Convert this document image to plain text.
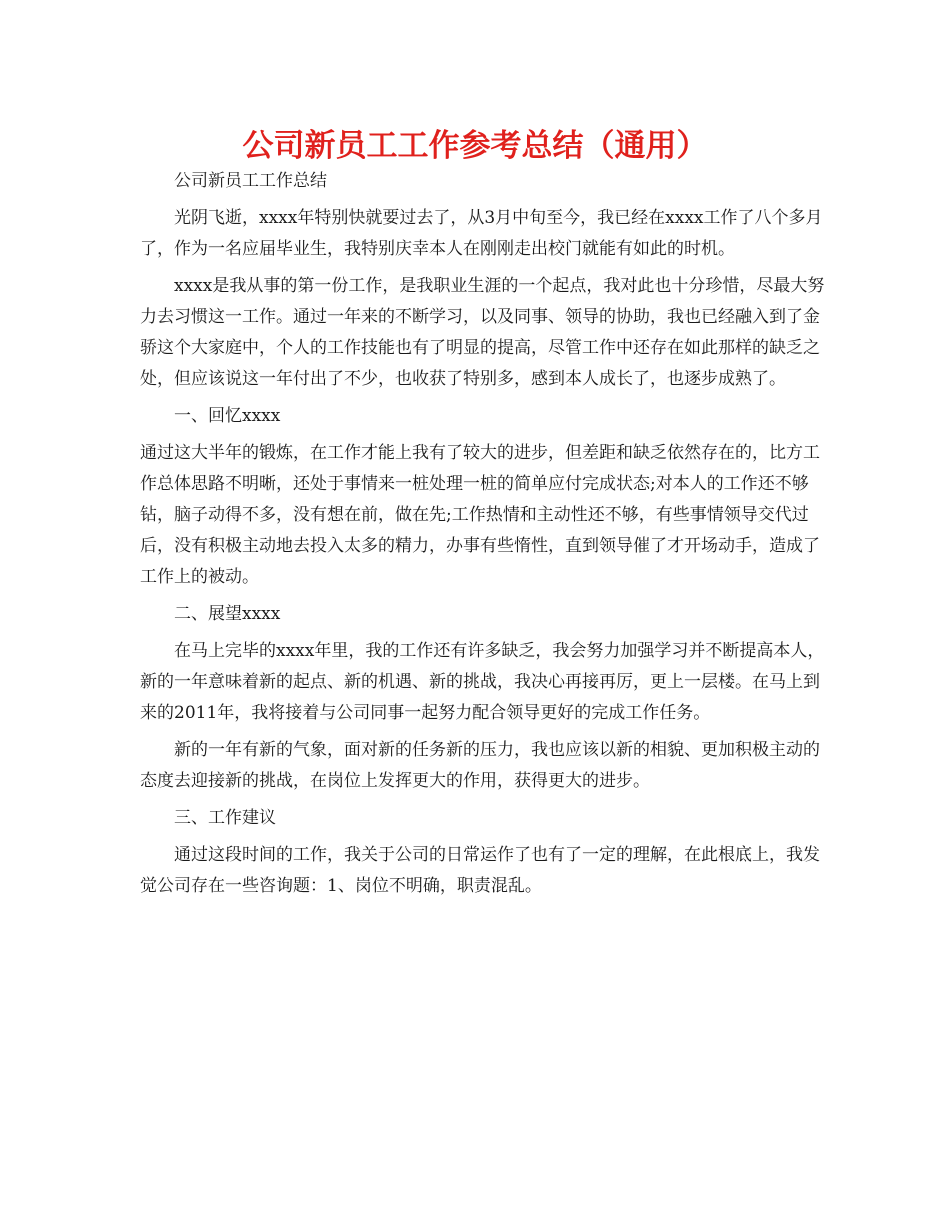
公司新员工工作参考总结（通用）

公司新员工工作总结

光阴飞逝，xxxx年特别快就要过去了，从3月中旬至今，我已经在xxxx工作了八个多月了，作为一名应届毕业生，我特别庆幸本人在刚刚走出校门就能有如此的时机。

xxxx是我从事的第一份工作，是我职业生涯的一个起点，我对此也十分珍惜，尽最大努力去习惯这一工作。通过一年来的不断学习，以及同事、领导的协助，我也已经融入到了金骄这个大家庭中，个人的工作技能也有了明显的提高，尽管工作中还存在如此那样的缺乏之处，但应该说这一年付出了不少，也收获了特别多，感到本人成长了，也逐步成熟了。

一、回忆xxxx

通过这大半年的锻炼，在工作才能上我有了较大的进步，但差距和缺乏依然存在的，比方工作总体思路不明晰，还处于事情来一桩处理一桩的简单应付完成状态;对本人的工作还不够钻，脑子动得不多，没有想在前，做在先;工作热情和主动性还不够，有些事情领导交代过后，没有积极主动地去投入太多的精力，办事有些惰性，直到领导催了才开场动手，造成了工作上的被动。

二、展望xxxx

在马上完毕的xxxx年里，我的工作还有许多缺乏，我会努力加强学习并不断提高本人，新的一年意味着新的起点、新的机遇、新的挑战，我决心再接再厉，更上一层楼。在马上到来的2011年，我将接着与公司同事一起努力配合领导更好的完成工作任务。

新的一年有新的气象，面对新的任务新的压力，我也应该以新的相貌、更加积极主动的态度去迎接新的挑战，在岗位上发挥更大的作用，获得更大的进步。

三、工作建议

通过这段时间的工作，我关于公司的日常运作了也有了一定的理解，在此根底上，我发觉公司存在一些咨询题：1、岗位不明确，职责混乱。
